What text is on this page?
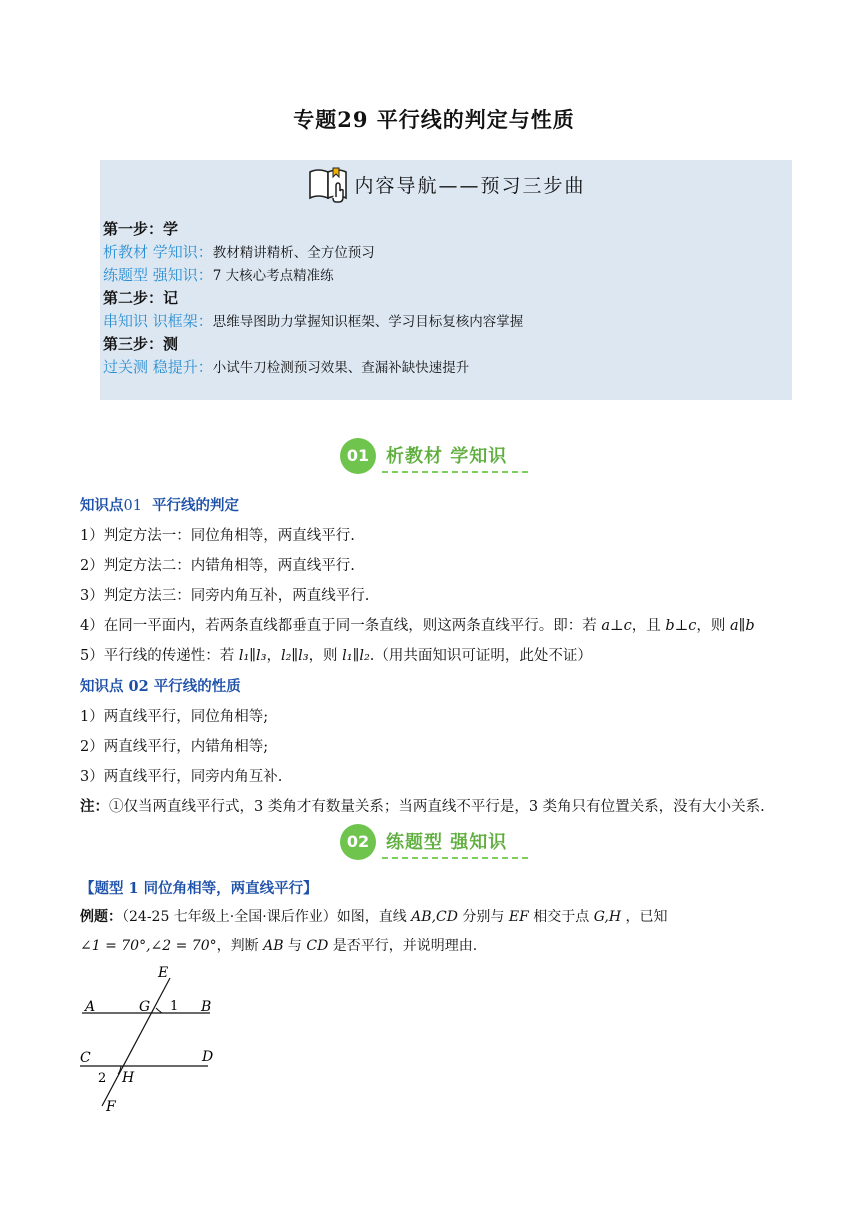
专题29 平行线的判定与性质
内容导航——预习三步曲
第一步：学
析教材 学知识：教材精讲精析、全方位预习
练题型 强知识：7 大核心考点精准练
第二步：记
串知识 识框架：思维导图助力掌握知识框架、学习目标复核内容掌握
第三步：测
过关测 稳提升：小试牛刀检测预习效果、查漏补缺快速提升
01 析教材 学知识
知识点01 平行线的判定
1）判定方法一：同位角相等，两直线平行.
2）判定方法二：内错角相等，两直线平行.
3）判定方法三：同旁内角互补，两直线平行.
4）在同一平面内，若两条直线都垂直于同一条直线，则这两条直线平行。即：若 a⊥c，且 b⊥c，则 a∥b
5）平行线的传递性：若 l₁∥l₃，l₂∥l₃，则 l₁∥l₂.（用共面知识可证明，此处不证）
知识点 02 平行线的性质
1）两直线平行，同位角相等;
2）两直线平行，内错角相等;
3）两直线平行，同旁内角互补.
注：①仅当两直线平行式，3 类角才有数量关系；当两直线不平行是，3 类角只有位置关系，没有大小关系.
02 练题型 强知识
【题型 1 同位角相等，两直线平行】
例题：（24-25 七年级上·全国·课后作业）如图，直线 AB,CD 分别与 EF 相交于点 G,H ，已知
∠1 = 70°,∠2 = 70°，判断 AB 与 CD 是否平行，并说明理由.
E
A	G 1 B
C	D
2 H
F
